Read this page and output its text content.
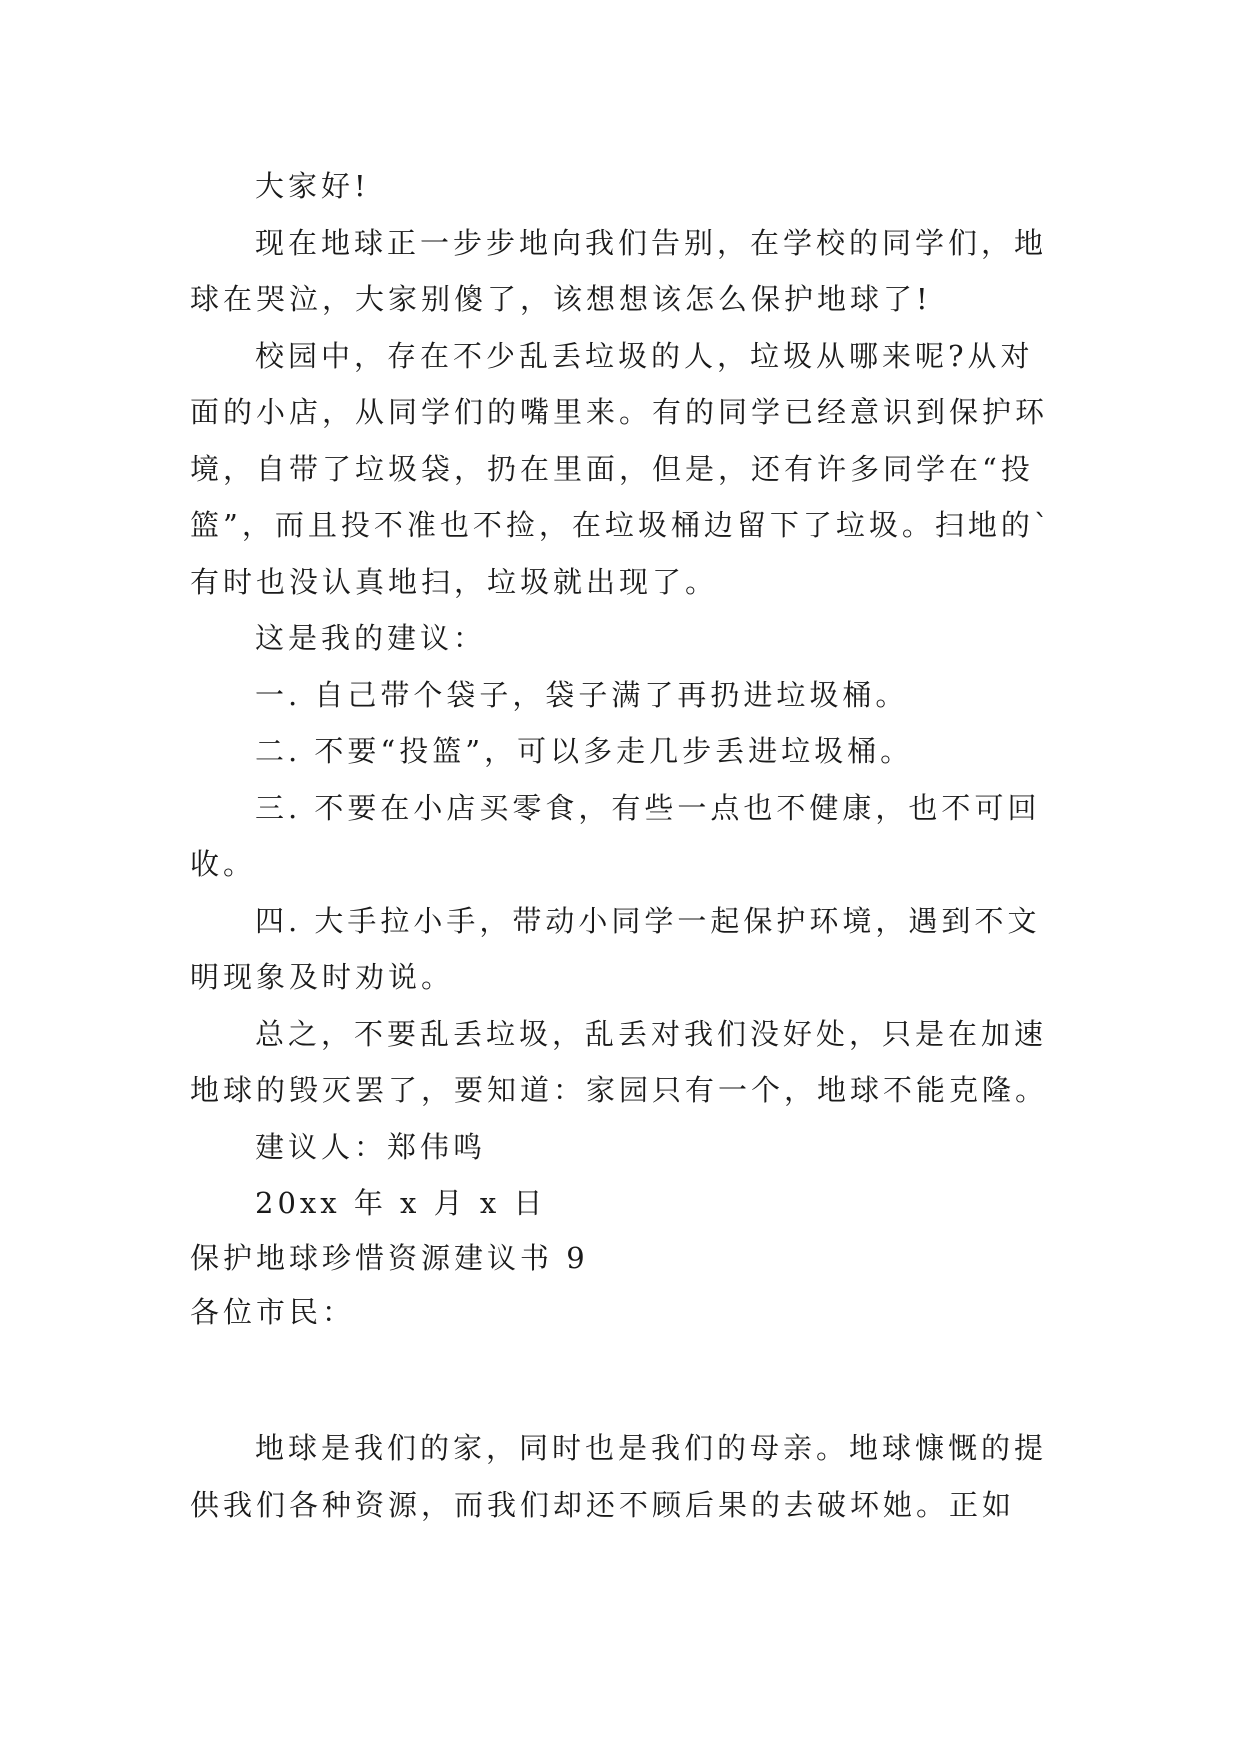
大家好!
现在地球正一步步地向我们告别，在学校的同学们，地
球在哭泣，大家别傻了，该想想该怎么保护地球了!
校园中，存在不少乱丢垃圾的人，垃圾从哪来呢?从对
面的小店，从同学们的嘴里来。有的同学已经意识到保护环
境，自带了垃圾袋，扔在里面，但是，还有许多同学在“投
篮”，而且投不准也不捡，在垃圾桶边留下了垃圾。扫地的`
有时也没认真地扫，垃圾就出现了。
这是我的建议：
一. 自己带个袋子，袋子满了再扔进垃圾桶。
二. 不要“投篮”，可以多走几步丢进垃圾桶。
三. 不要在小店买零食，有些一点也不健康，也不可回
收。
四. 大手拉小手，带动小同学一起保护环境，遇到不文
明现象及时劝说。
总之，不要乱丢垃圾，乱丢对我们没好处，只是在加速
地球的毁灭罢了，要知道：家园只有一个，地球不能克隆。
建议人：郑伟鸣
20xx 年 x 月 x 日
保护地球珍惜资源建议书 9
各位市民：
地球是我们的家，同时也是我们的母亲。地球慷慨的提
供我们各种资源，而我们却还不顾后果的去破坏她。正如
